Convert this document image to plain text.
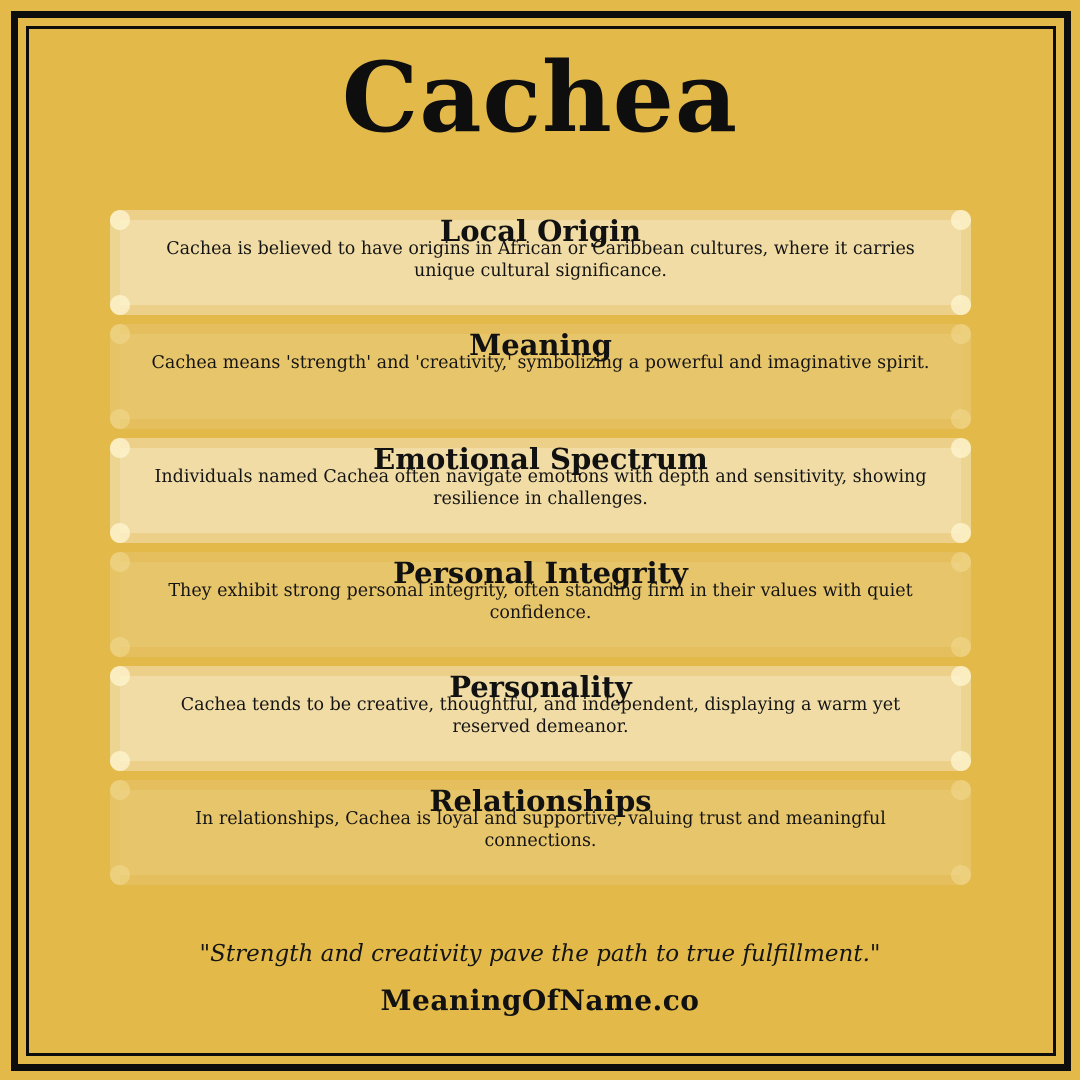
Cachea
Local Origin

Cachea is believed to have origins in African or Caribbean cultures, where it carries unique cultural significance.

Meaning

Cachea means 'strength' and 'creativity,' symbolizing a powerful and imaginative spirit.

Emotional Spectrum

Individuals named Cachea often navigate emotions with depth and sensitivity, showing resilience in challenges.

Personal Integrity

They exhibit strong personal integrity, often standing firm in their values with quiet confidence.

Personality

Cachea tends to be creative, thoughtful, and independent, displaying a warm yet reserved demeanor.

Relationships

In relationships, Cachea is loyal and supportive, valuing trust and meaningful connections.

"Strength and creativity pave the path to true fulfillment."
MeaningOfName.co
